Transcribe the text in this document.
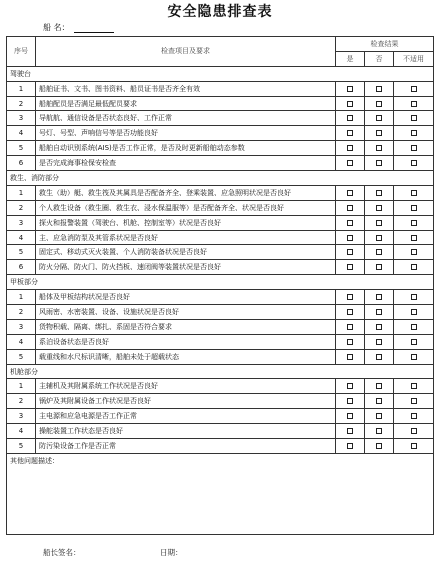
安全隐患排查表
船 名：
序号	检查项目及要求	检查结果		
		是	否	不适用
驾驶台				
1	船舶证书、文书、图书资料、船员证书是否齐全有效			
2	船舶配员是否满足最低配员要求			
3	导航航、通信设备是否状态良好、工作正常			
4	号灯、号型、声响信号等是否功能良好			
5	船舶自动识别系统(AIS)是否工作正常，是否及时更新船舶动态参数			
6	是否完成海事检保安检查			
救生、消防部分				
1	救生（助）艇、救生筏及其属具是否配备齐全、登乘装置、应急照明状况是否良好			
2	个人救生设备（救生圈、救生衣、浸水保温服等）是否配备齐全、状况是否良好			
3	探火和报警装置（驾驶台、机舱、控制室等）状况是否良好			
4	主、应急消防泵及其管系状况是否良好			
5	固定式、移动式灭火装置、个人消防装备状况是否良好			
6	防火分隔、防火门、防火挡板、速闭阀等装置状况是否良好			
甲板部分				
1	船体及甲板结构状况是否良好			
2	风雨密、水密装置、设备、设施状况是否良好			
3	货物积载、隔离、绑扎、系固是否符合要求			
4	系泊设备状态是否良好			
5	载重线和水尺标识清晰，船舶未处于超载状态			
机舱部分				
1	主辅机及其附属系统工作状况是否良好			
2	锅炉及其附属设备工作状况是否良好			
3	主电源和应急电源是否工作正常			
4	操舵装置工作状态是否良好			
5	防污染设备工作是否正常			
其他问题描述：				
船长签名：	日期：
